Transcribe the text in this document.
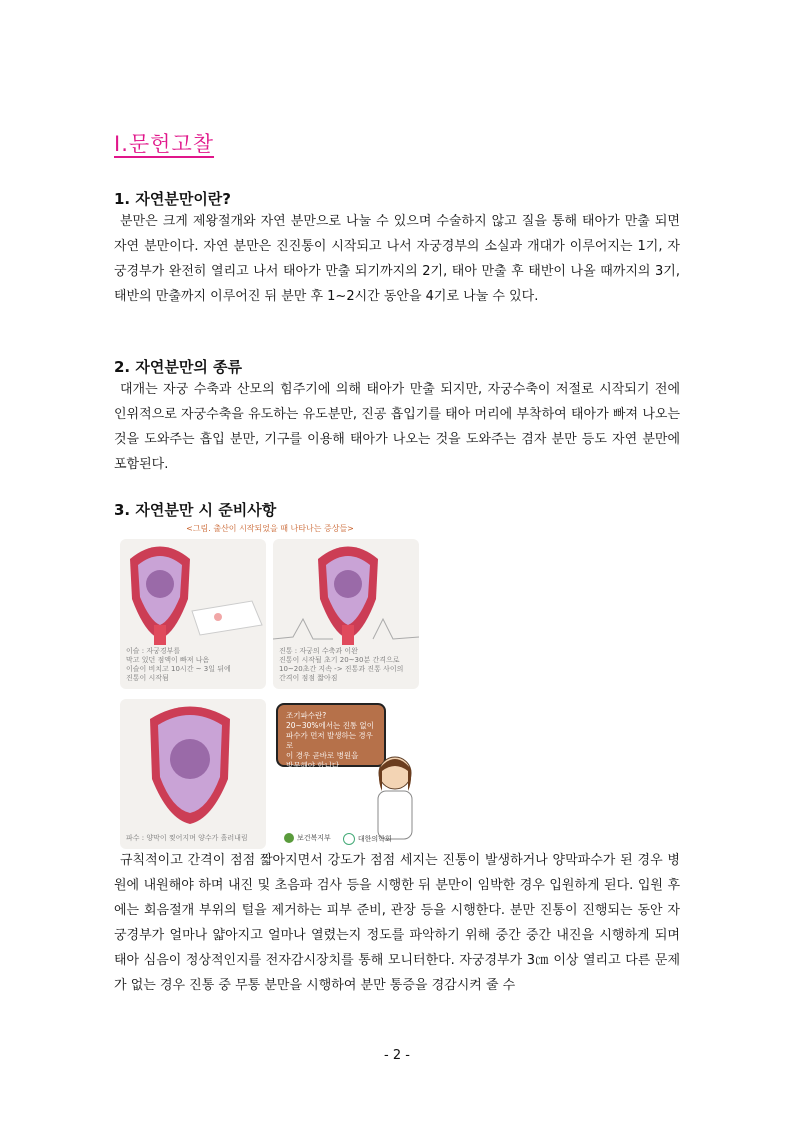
Ⅰ.문헌고찰
1. 자연분만이란?
분만은 크게 제왕절개와 자연 분만으로 나눌 수 있으며 수술하지 않고 질을 통해 태아가 만출 되면 자연 분만이다. 자연 분만은 진진통이 시작되고 나서 자궁경부의 소실과 개대가 이루어지는 1기, 자궁경부가 완전히 열리고 나서 태아가 만출 되기까지의 2기, 태아 만출 후 태반이 나올 때까지의 3기, 태반의 만출까지 이루어진 뒤 분만 후 1~2시간 동안을 4기로 나눌 수 있다.
2. 자연분만의 종류
대개는 자궁 수축과 산모의 힘주기에 의해 태아가 만출 되지만, 자궁수축이 저절로 시작되기 전에 인위적으로 자궁수축을 유도하는 유도분만, 진공 흡입기를 태아 머리에 부착하여 태아가 빠져 나오는 것을 도와주는 흡입 분만, 기구를 이용해 태아가 나오는 것을 도와주는 겸자 분만 등도 자연 분만에 포함된다.
3. 자연분만 시 준비사항
<그림. 출산이 시작되었을 때 나타나는 증상들>
이슬 : 자궁경부를
막고 있던 점액이 빠져 나옴
이슬이 비치고 10시간 ~ 3일 뒤에
진통이 시작됨
진통 : 자궁의 수축과 이완
진통이 시작될 초기 20~30분 간격으로
10~20초간 지속 -> 진통과 진통 사이의
간격이 점점 짧아짐
파수 : 양막이 찢어지며 양수가 흘러내림
조기파수란?
20~30%에서는 진통 없이
파수가 먼저 발생하는 경우로
이 경우 곧바로 병원을
방문해야 합니다.
보건복지부	대한의학회
규칙적이고 간격이 점점 짧아지면서 강도가 점점 세지는 진통이 발생하거나 양막파수가 된 경우 병원에 내원해야 하며 내진 및 초음파 검사 등을 시행한 뒤 분만이 임박한 경우 입원하게 된다. 입원 후에는 회음절개 부위의 털을 제거하는 피부 준비, 관장 등을 시행한다. 분만 진통이 진행되는 동안 자궁경부가 얼마나 얇아지고 얼마나 열렸는지 정도를 파악하기 위해 중간 중간 내진을 시행하게 되며 태아 심음이 정상적인지를 전자감시장치를 통해 모니터한다. 자궁경부가 3㎝ 이상 열리고 다른 문제가 없는 경우 진통 중 무통 분만을 시행하여 분만 통증을 경감시켜 줄 수
- 2 -
